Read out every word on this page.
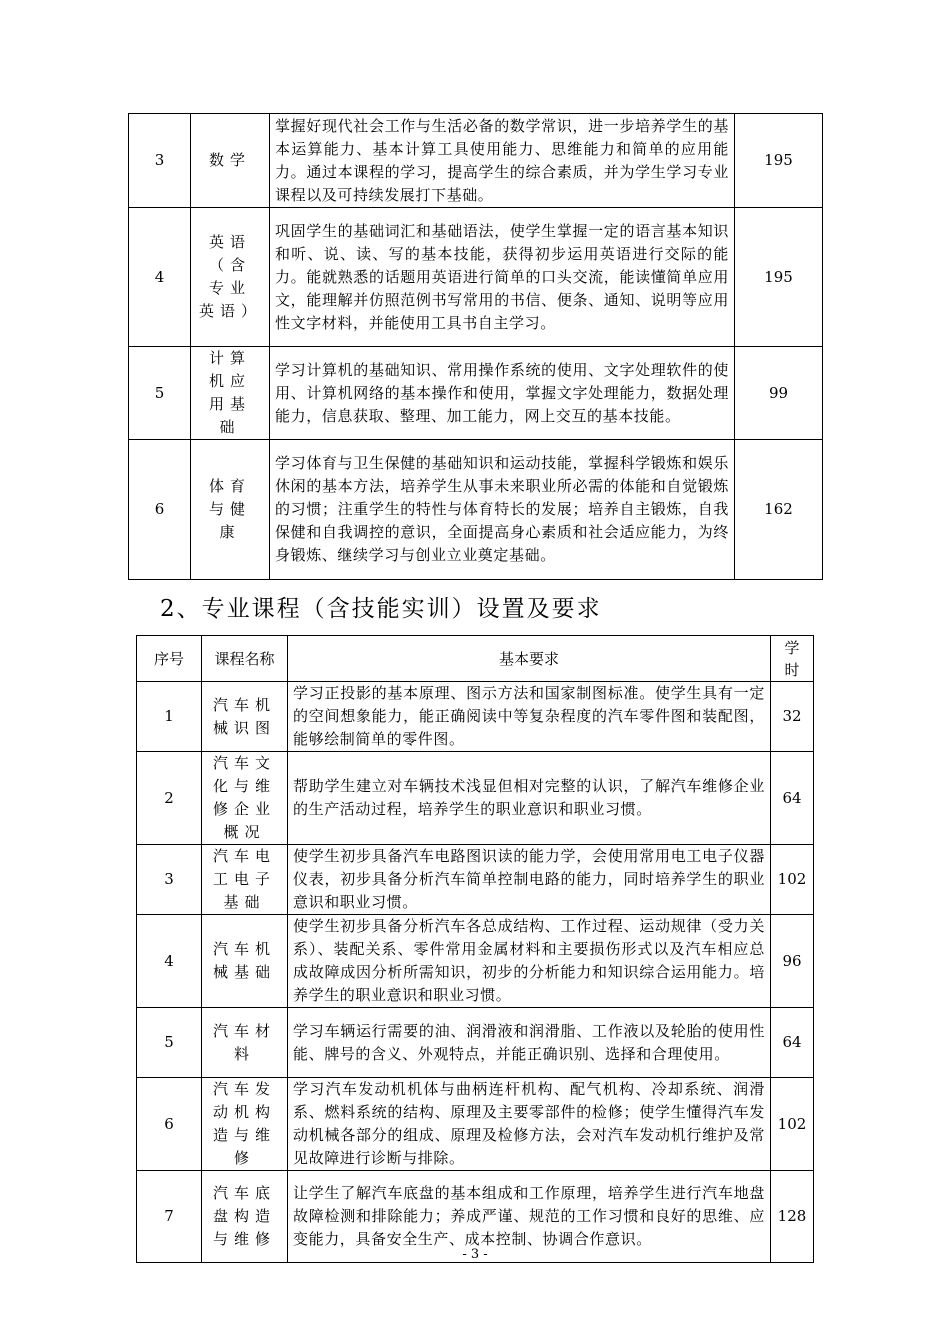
3	数学	掌握好现代社会工作与生活必备的数学常识，进一步培养学生的基本运算能力、基本计算工具使用能力、思维能力和简单的应用能力。通过本课程的学习，提高学生的综合素质，并为学生学习专业课程以及可持续发展打下基础。	195
4	英语（含专业英语）	巩固学生的基础词汇和基础语法，使学生掌握一定的语言基本知识和听、说、读、写的基本技能，获得初步运用英语进行交际的能力。能就熟悉的话题用英语进行简单的口头交流，能读懂简单应用文，能理解并仿照范例书写常用的书信、便条、通知、说明等应用性文字材料，并能使用工具书自主学习。	195
5	计算机应用基础	学习计算机的基础知识、常用操作系统的使用、文字处理软件的使用、计算机网络的基本操作和使用，掌握文字处理能力，数据处理能力，信息获取、整理、加工能力，网上交互的基本技能。	99
6	体育与健康	学习体育与卫生保健的基础知识和运动技能，掌握科学锻炼和娱乐休闲的基本方法，培养学生从事未来职业所必需的体能和自觉锻炼的习惯；注重学生的特性与体育特长的发展；培养自主锻炼，自我保健和自我调控的意识，全面提高身心素质和社会适应能力，为终身锻炼、继续学习与创业立业奠定基础。	162
2、专业课程（含技能实训）设置及要求
序号	课程名称	基本要求	学时
1	汽车机械识图	学习正投影的基本原理、图示方法和国家制图标准。使学生具有一定的空间想象能力，能正确阅读中等复杂程度的汽车零件图和装配图，能够绘制简单的零件图。	32
2	汽车文化与维修企业概况	帮助学生建立对车辆技术浅显但相对完整的认识，了解汽车维修企业的生产活动过程，培养学生的职业意识和职业习惯。	64
3	汽车电工电子基础	使学生初步具备汽车电路图识读的能力学，会使用常用电工电子仪器仪表，初步具备分析汽车简单控制电路的能力，同时培养学生的职业意识和职业习惯。	102
4	汽车机械基础	使学生初步具备分析汽车各总成结构、工作过程、运动规律（受力关系）、装配关系、零件常用金属材料和主要损伤形式以及汽车相应总成故障成因分析所需知识，初步的分析能力和知识综合运用能力。培养学生的职业意识和职业习惯。	96
5	汽车材料	学习车辆运行需要的油、润滑液和润滑脂、工作液以及轮胎的使用性能、牌号的含义、外观特点，并能正确识别、选择和合理使用。	64
6	汽车发动机构造与维修	学习汽车发动机机体与曲柄连杆机构、配气机构、冷却系统、润滑系、燃料系统的结构、原理及主要零部件的检修；使学生懂得汽车发动机械各部分的组成、原理及检修方法，会对汽车发动机行维护及常见故障进行诊断与排除。	102
7	汽车底盘构造与维修	让学生了解汽车底盘的基本组成和工作原理，培养学生进行汽车地盘 故障检测和排除能力；养成严谨、规范的工作习惯和良好的思维、应变能力，具备安全生产、成本控制、协调合作意识。	128
- 3 -
